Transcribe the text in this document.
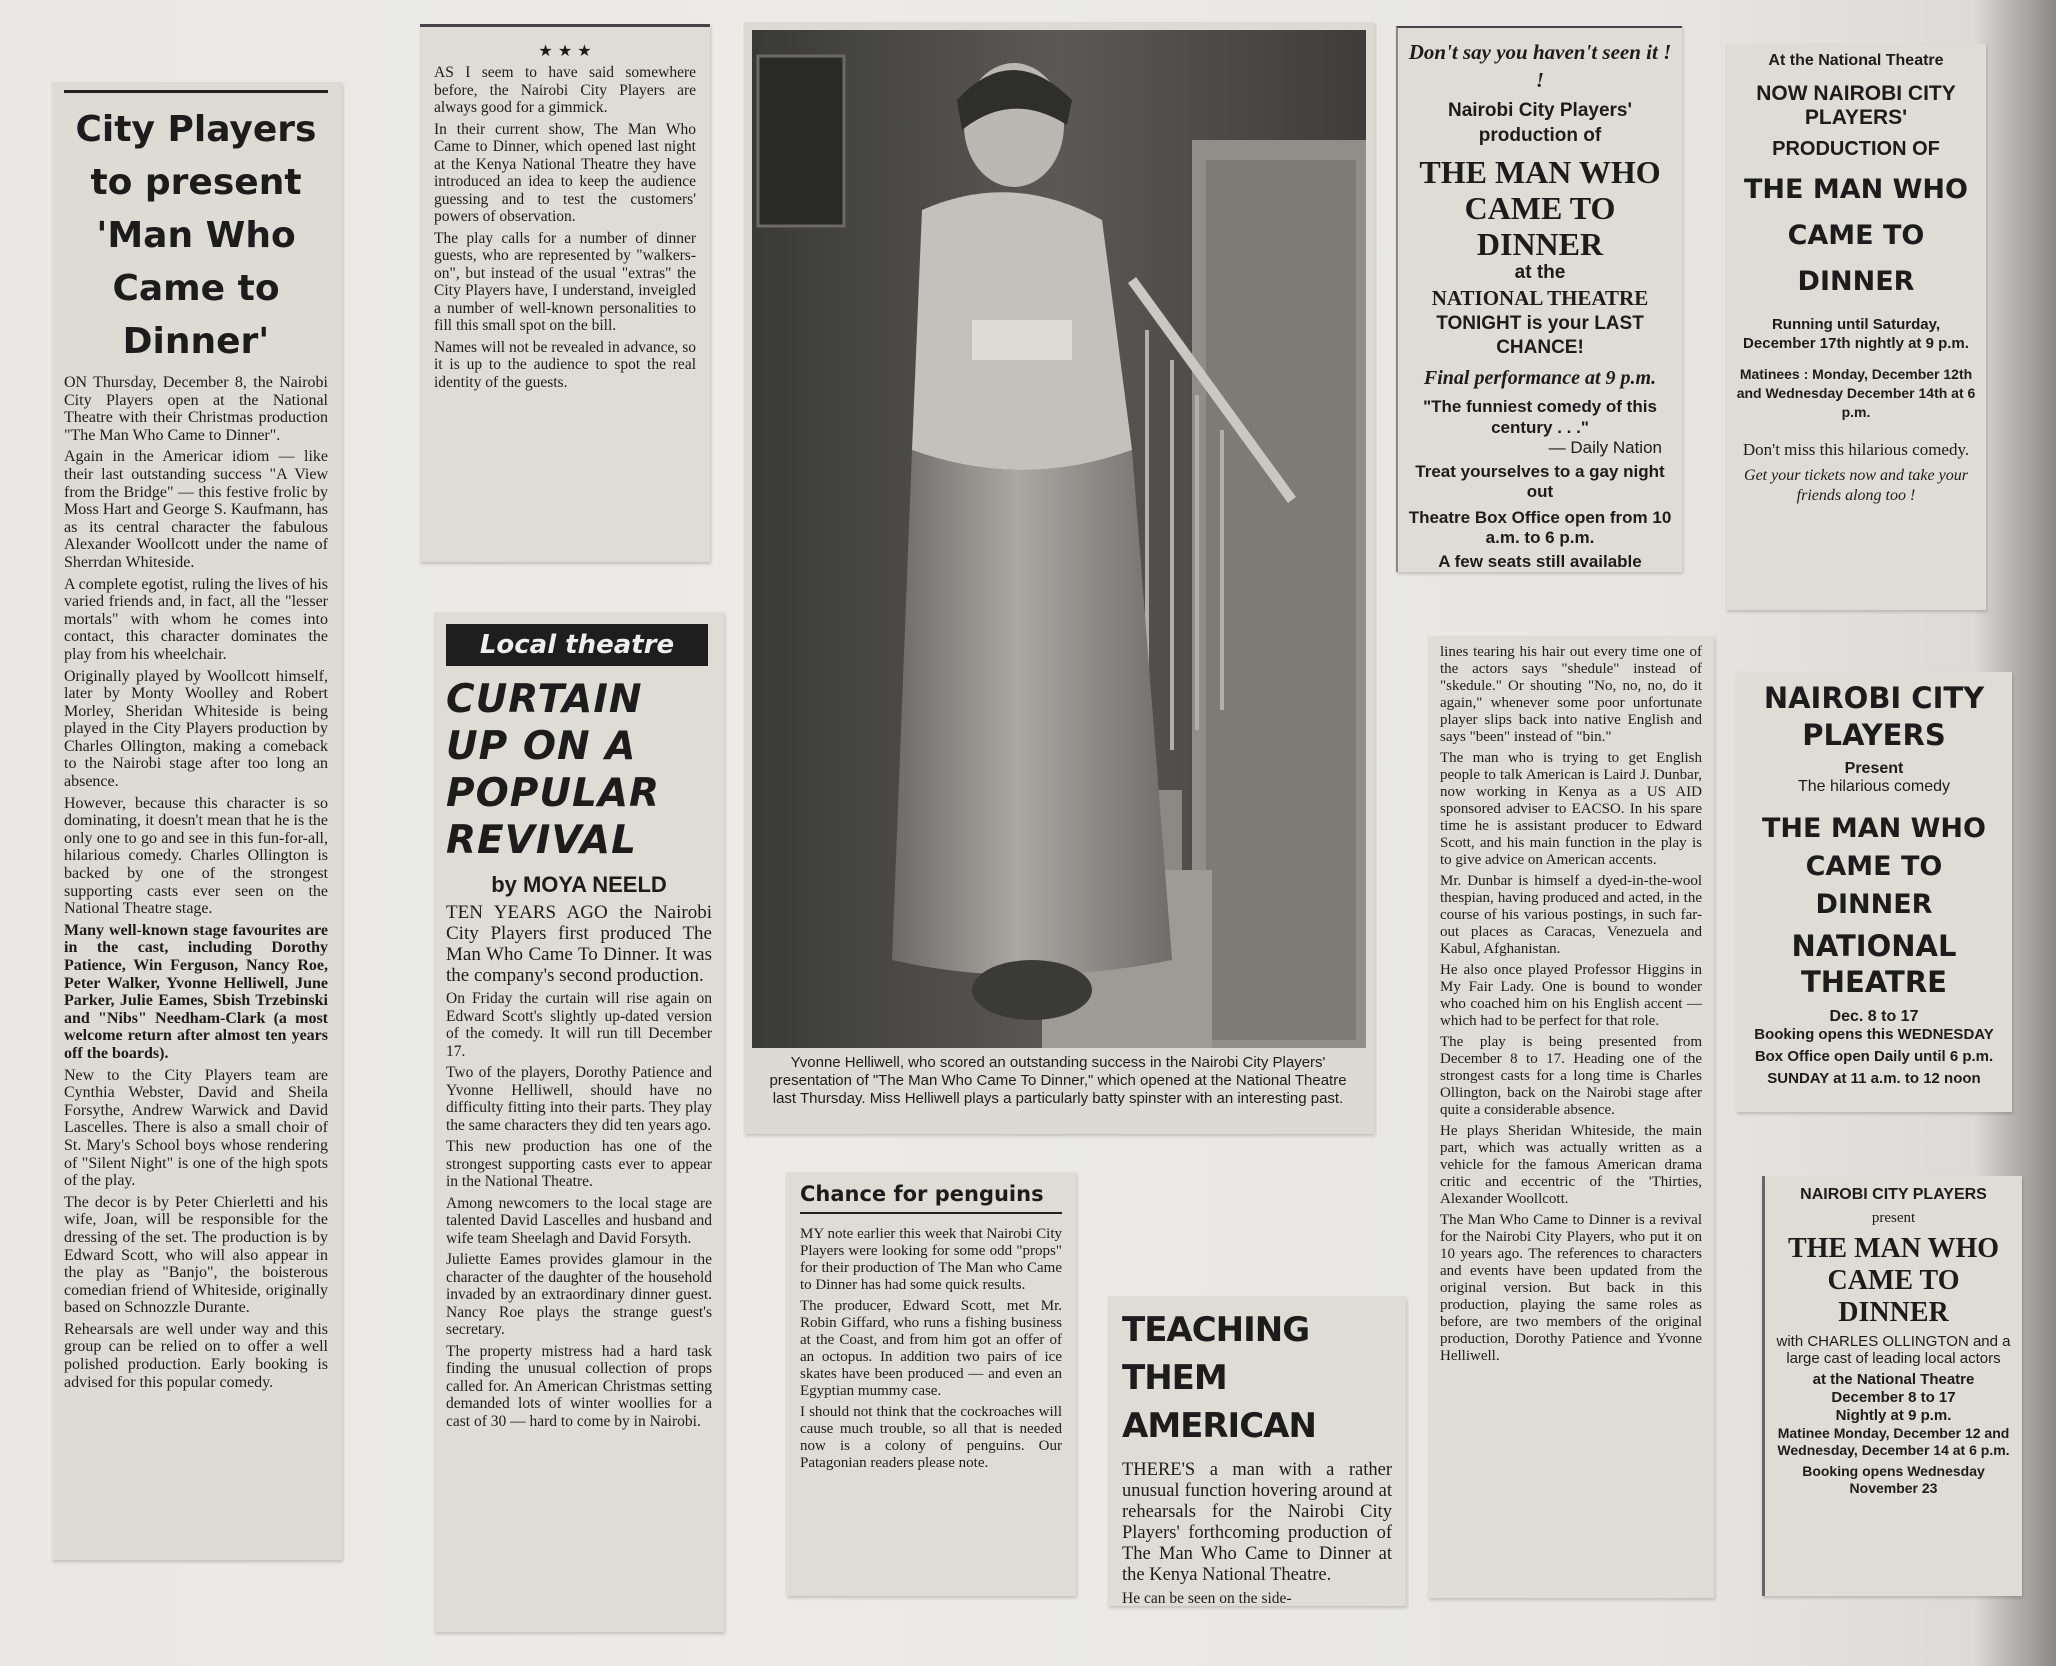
City Players to present 'Man Who Came to Dinner'

ON Thursday, December 8, the Nairobi City Players open at the National Theatre with their Christmas production "The Man Who Came to Dinner".

Again in the Americar idiom — like their last outstanding success "A View from the Bridge" — this festive frolic by Moss Hart and George S. Kaufmann, has as its central character the fabulous Alexander Woollcott under the name of Sherrdan Whiteside.

A complete egotist, ruling the lives of his varied friends and, in fact, all the "lesser mortals" with whom he comes into contact, this character dominates the play from his wheelchair.

Originally played by Woollcott himself, later by Monty Woolley and Robert Morley, Sheridan Whiteside is being played in the City Players production by Charles Ollington, making a comeback to the Nairobi stage after too long an absence.

However, because this character is so dominating, it doesn't mean that he is the only one to go and see in this fun-for-all, hilarious comedy. Charles Ollington is backed by one of the strongest supporting casts ever seen on the National Theatre stage.

Many well-known stage favourites are in the cast, including Dorothy Patience, Win Ferguson, Nancy Roe, Peter Walker, Yvonne Helliwell, June Parker, Julie Eames, Sbish Trzebinski and "Nibs" Needham-Clark (a most welcome return after almost ten years off the boards).

New to the City Players team are Cynthia Webster, David and Sheila Forsythe, Andrew Warwick and David Lascelles. There is also a small choir of St. Mary's School boys whose rendering of "Silent Night" is one of the high spots of the play.

The decor is by Peter Chierletti and his wife, Joan, will be responsible for the dressing of the set. The production is by Edward Scott, who will also appear in the play as "Banjo", the boisterous comedian friend of Whiteside, originally based on Schnozzle Durante.

Rehearsals are well under way and this group can be relied on to offer a well polished production. Early booking is advised for this popular comedy.

★ ★ ★

AS I seem to have said somewhere before, the Nairobi City Players are always good for a gimmick.

In their current show, The Man Who Came to Dinner, which opened last night at the Kenya National Theatre they have introduced an idea to keep the audience guessing and to test the customers' powers of observation.

The play calls for a number of dinner guests, who are represented by "walkers-on", but instead of the usual "extras" the City Players have, I understand, inveigled a number of well-known personalities to fill this small spot on the bill.

Names will not be revealed in advance, so it is up to the audience to spot the real identity of the guests.

Local theatre
CURTAIN UP ON A POPULAR REVIVAL
by MOYA NEELD

TEN YEARS AGO the Nairobi City Players first produced The Man Who Came To Dinner. It was the company's second production.

On Friday the curtain will rise again on Edward Scott's slightly up-dated version of the comedy. It will run till December 17.

Two of the players, Dorothy Patience and Yvonne Helliwell, should have no difficulty fitting into their parts. They play the same characters they did ten years ago.

This new production has one of the strongest supporting casts ever to appear in the National Theatre.

Among newcomers to the local stage are talented David Lascelles and husband and wife team Sheelagh and David Forsyth.

Juliette Eames provides glamour in the character of the daughter of the household invaded by an extraordinary dinner guest. Nancy Roe plays the strange guest's secretary.

The property mistress had a hard task finding the unusual collection of props called for. An American Christmas setting demanded lots of winter woollies for a cast of 30 — hard to come by in Nairobi.

Yvonne Helliwell, who scored an outstanding success in the Nairobi City Players' presentation of "The Man Who Came To Dinner," which opened at the National Theatre last Thursday. Miss Helliwell plays a particularly batty spinster with an interesting past.
Chance for penguins

MY note earlier this week that Nairobi City Players were looking for some odd "props" for their production of The Man who Came to Dinner has had some quick results.

The producer, Edward Scott, met Mr. Robin Giffard, who runs a fishing business at the Coast, and from him got an offer of an octopus. In addition two pairs of ice skates have been produced — and even an Egyptian mummy case.

I should not think that the cockroaches will cause much trouble, so all that is needed now is a colony of penguins. Our Patagonian readers please note.

TEACHING THEM AMERICAN

THERE'S a man with a rather unusual function hovering around at rehearsals for the Nairobi City Players' forthcoming production of The Man Who Came to Dinner at the Kenya National Theatre.

He can be seen on the side-

lines tearing his hair out every time one of the actors says "shedule" instead of "skedule." Or shouting "No, no, no, do it again," whenever some poor unfortunate player slips back into native English and says "been" instead of "bin."

The man who is trying to get English people to talk American is Laird J. Dunbar, now working in Kenya as a US AID sponsored adviser to EACSO. In his spare time he is assistant producer to Edward Scott, and his main function in the play is to give advice on American accents.

Mr. Dunbar is himself a dyed-in-the-wool thespian, having produced and acted, in the course of his various postings, in such far-out places as Caracas, Venezuela and Kabul, Afghanistan.

He also once played Professor Higgins in My Fair Lady. One is bound to wonder who coached him on his English accent — which had to be perfect for that role.

The play is being presented from December 8 to 17. Heading one of the strongest casts for a long time is Charles Ollington, back on the Nairobi stage after quite a considerable absence.

He plays Sheridan Whiteside, the main part, which was actually written as a vehicle for the famous American drama critic and eccentric of the 'Thirties, Alexander Woollcott.

The Man Who Came to Dinner is a revival for the Nairobi City Players, who put it on 10 years ago. The references to characters and events have been updated from the original version. But back in this production, playing the same roles as before, are two members of the original production, Dorothy Patience and Yvonne Helliwell.

Don't say you haven't seen it ! !
Nairobi City Players' production of
THE MAN WHO CAME TO DINNER
at the
NATIONAL THEATRE
TONIGHT is your LAST CHANCE!
Final performance at 9 p.m.
"The funniest comedy of this century . . ."
— Daily Nation
Treat yourselves to a gay night out
Theatre Box Office open from 10 a.m. to 6 p.m.
A few seats still available
At the National Theatre
NOW NAIROBI CITY PLAYERS'
PRODUCTION OF
THE MAN WHO CAME TO DINNER
Running until Saturday, December 17th nightly at 9 p.m.
Matinees : Monday, December 12th and Wednesday December 14th at 6 p.m.
Don't miss this hilarious comedy.
Get your tickets now and take your friends along too !
NAIROBI CITY PLAYERS
Present
The hilarious comedy
THE MAN WHO CAME TO DINNER
NATIONAL THEATRE
Dec. 8 to 17
Booking opens this WEDNESDAY
Box Office open Daily until 6 p.m.
SUNDAY at 11 a.m. to 12 noon
NAIROBI CITY PLAYERS
present
THE MAN WHO CAME TO DINNER
with CHARLES OLLINGTON and a large cast of leading local actors
at the National Theatre
December 8 to 17
Nightly at 9 p.m.
Matinee Monday, December 12 and Wednesday, December 14 at 6 p.m.
Booking opens Wednesday November 23
